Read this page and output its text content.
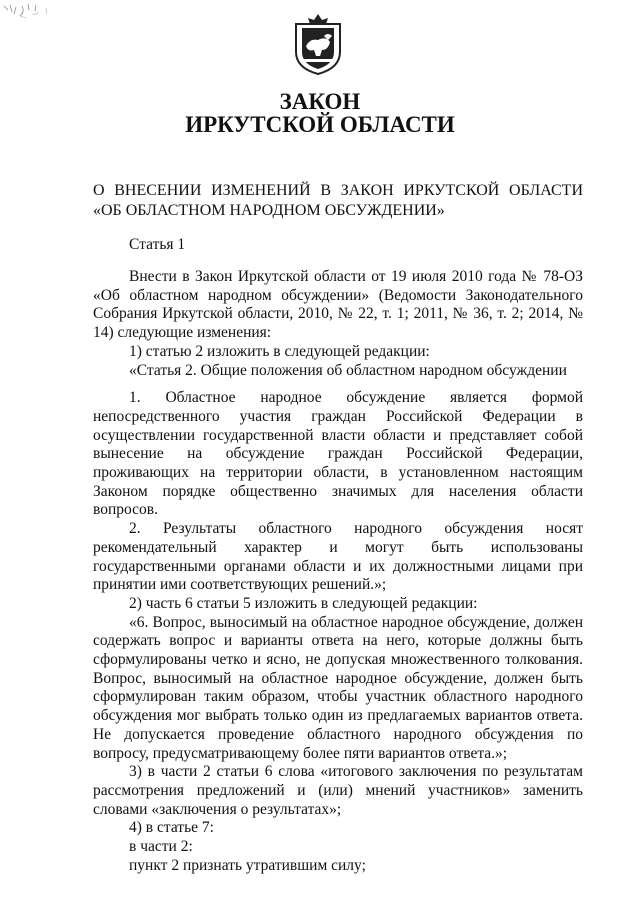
ЗАКОН
ИРКУТСКОЙ ОБЛАСТИ
О ВНЕСЕНИИ ИЗМЕНЕНИЙ В ЗАКОН ИРКУТСКОЙ ОБЛАСТИ
«ОБ ОБЛАСТНОМ НАРОДНОМ ОБСУЖДЕНИИ»
Статья 1

Внести в Закон Иркутской области от 19 июля 2010 года № 78-ОЗ «Об областном народном обсуждении» (Ведомости Законодательного Собрания Иркутской области, 2010, № 22, т. 1; 2011, № 36, т. 2; 2014, № 14) следующие изменения:

1) статью 2 изложить в следующей редакции:

«Статья 2. Общие положения об областном народном обсуждении

1. Областное народное обсуждение является формой непосредственного участия граждан Российской Федерации в осуществлении государственной власти области и представляет собой вынесение на обсуждение граждан Российской Федерации, проживающих на территории области, в установленном настоящим Законом порядке общественно значимых для населения области вопросов.

2. Результаты областного народного обсуждения носят рекомендательный характер и могут быть использованы государственными органами области и их должностными лицами при принятии ими соответствующих решений.»;

2) часть 6 статьи 5 изложить в следующей редакции:

«6. Вопрос, выносимый на областное народное обсуждение, должен содержать вопрос и варианты ответа на него, которые должны быть сформулированы четко и ясно, не допуская множественного толкования. Вопрос, выносимый на областное народное обсуждение, должен быть сформулирован таким образом, чтобы участник областного народного обсуждения мог выбрать только один из предлагаемых вариантов ответа. Не допускается проведение областного народного обсуждения по вопросу, предусматривающему более пяти вариантов ответа.»;

3) в части 2 статьи 6 слова «итогового заключения по результатам рассмотрения предложений и (или) мнений участников» заменить словами «заключения о результатах»;

4) в статье 7:

в части 2:

пункт 2 признать утратившим силу;
